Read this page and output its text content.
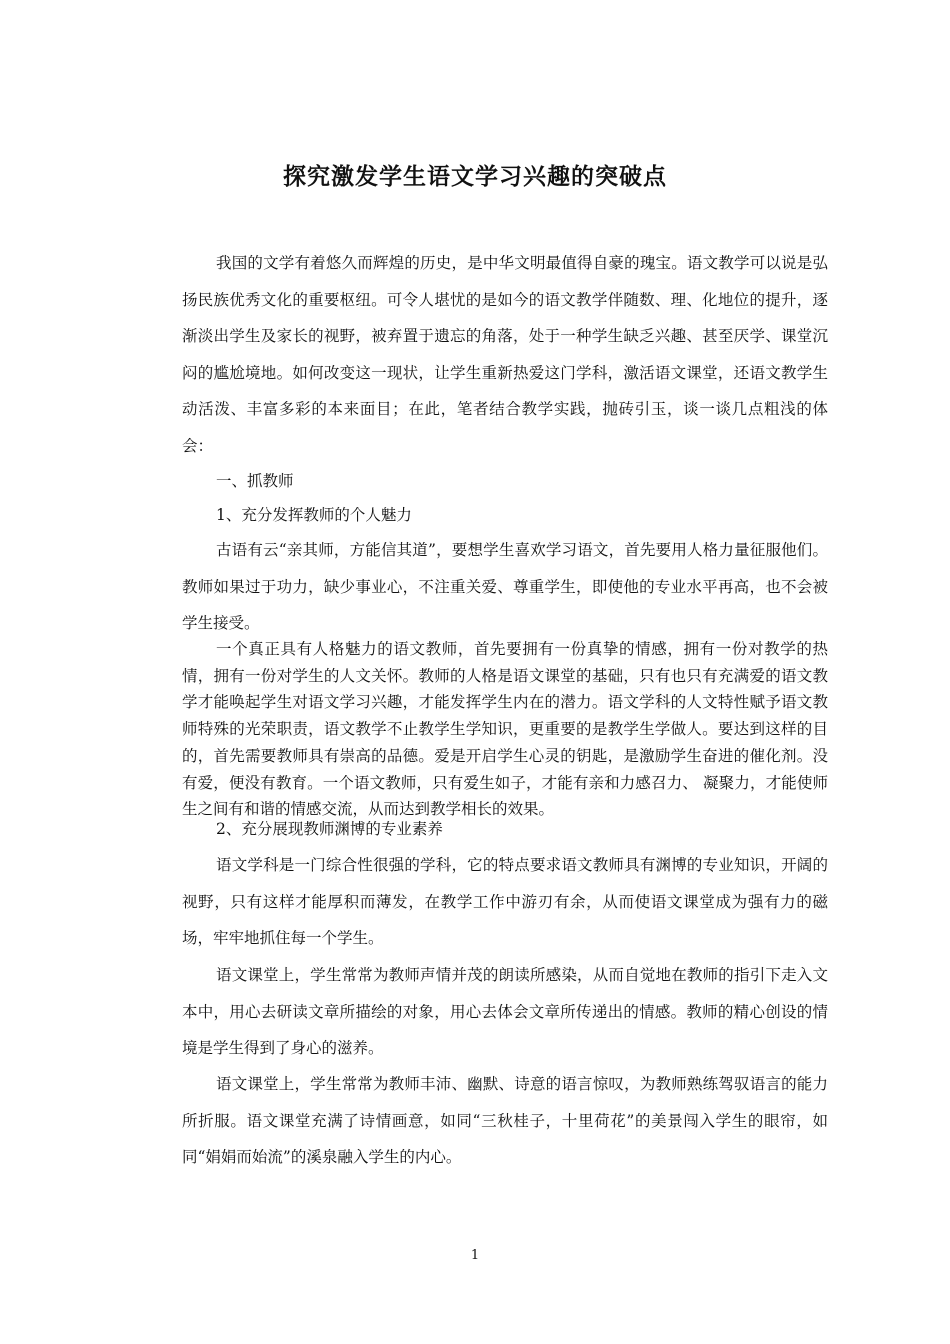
探究激发学生语文学习兴趣的突破点

我国的文学有着悠久而辉煌的历史，是中华文明最值得自豪的瑰宝。语文教学可以说是弘扬民族优秀文化的重要枢纽。可令人堪忧的是如今的语文教学伴随数、理、化地位的提升，逐渐淡出学生及家长的视野，被弃置于遗忘的角落，处于一种学生缺乏兴趣、甚至厌学、课堂沉闷的尴尬境地。如何改变这一现状，让学生重新热爱这门学科，激活语文课堂，还语文教学生动活泼、丰富多彩的本来面目；在此，笔者结合教学实践，抛砖引玉，谈一谈几点粗浅的体会：

一、抓教师

1、充分发挥教师的个人魅力

古语有云“亲其师，方能信其道”，要想学生喜欢学习语文，首先要用人格力量征服他们。教师如果过于功力，缺少事业心，不注重关爱、尊重学生，即使他的专业水平再高，也不会被学生接受。

一个真正具有人格魅力的语文教师，首先要拥有一份真挚的情感，拥有一份对教学的热情，拥有一份对学生的人文关怀。教师的人格是语文课堂的基础，只有也只有充满爱的语文教学才能唤起学生对语文学习兴趣，才能发挥学生内在的潜力。语文学科的人文特性赋予语文教师特殊的光荣职责，语文教学不止教学生学知识，更重要的是教学生学做人。要达到这样的目的，首先需要教师具有崇高的品德。爱是开启学生心灵的钥匙，是激励学生奋进的催化剂。没有爱，便没有教育。一个语文教师，只有爱生如子，才能有亲和力感召力、 凝聚力，才能使师生之间有和谐的情感交流，从而达到教学相长的效果。

2、充分展现教师渊博的专业素养

语文学科是一门综合性很强的学科，它的特点要求语文教师具有渊博的专业知识，开阔的视野，只有这样才能厚积而薄发，在教学工作中游刃有余，从而使语文课堂成为强有力的磁场，牢牢地抓住每一个学生。

语文课堂上，学生常常为教师声情并茂的朗读所感染，从而自觉地在教师的指引下走入文本中，用心去研读文章所描绘的对象，用心去体会文章所传递出的情感。教师的精心创设的情境是学生得到了身心的滋养。

语文课堂上，学生常常为教师丰沛、幽默、诗意的语言惊叹，为教师熟练驾驭语言的能力所折服。语文课堂充满了诗情画意，如同“三秋桂子，十里荷花”的美景闯入学生的眼帘，如同“娟娟而始流”的溪泉融入学生的内心。

1
